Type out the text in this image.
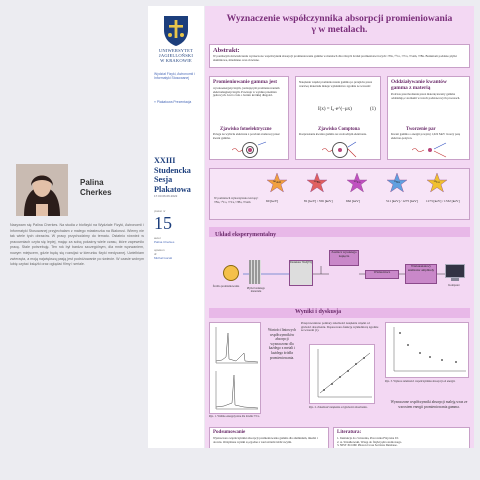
Palina
Cherkes
Nazywam się Palina Cherkes. Na studia z biofizyki na Wydziale Fizyki, Astronomii i Informatyki Stosowanej przyjechałam z małego miasteczka na Białorusi. Wiemy nie tak wiele tych obrazów. W pracy przychodzimy do tematu. Ostatnio również w pracowniach czyta się lepiej, mając za sobą pokaźny wiele czasu, które zapewniło pracę. Stale potrzebuję. Ten rok był bardzo szczególnym, dla mnie wyzwaniem, nowym miejscem, gdzie będę się rozwijać w kierunku fizyki medycznej. Uwielbiam zwierzęta, a moją największą pasją jest podróżowanie po świecie. W czasie wolnym lubię czytać książki oraz oglądać filmy i seriale.
UNIWERSYTET
JAGIELLOŃSKI
W KRAKOWIE
Wydział Fizyki, Astronomii i Informatyki Stosowanej
« Plakatowa Prezentacja
XXIII
Studencka
Sesja
Plakatowa
17.03.06.06.2022
plakat nr
15
autor
Palina Cherkes
opiekun
dr
Michał Gorski
Wyznaczenie współczynnika absorpcji promieniowania
γ w metalach.
Abstrakt:
W poniższym doświadczeniu wyznaczono współczynnik absorpcji promieniowania gamma w metalach dla różnych źródeł promieniotwórczych: ²²Na, ⁶⁰Co, ¹³⁷Cs, ²⁴¹Am, ¹³³Ba. Badaniom poddano płytki aluminiowe, miedziane oraz ołowiane.
Promieniowanie gamma jest
wysokoenergetycznym, jonizującym promieniowaniem elektromagnetycznym. Powstaje w wyniku przemian jądrowych. Jest to fala o bardzo krótkiej długości.
Zjawisko fotoelektryczne
Polega na wybiciu elektronu z powłoki atomowej przez kwant gamma.
Natężenie wiązki promieniowania gamma po przejściu przez warstwę materiału maleje wykładniczo zgodnie ze wzorem:
I(x) = I₀·e^(−μx)	(1)
Zjawisko Comptona
Rozpraszanie kwantu gamma na swobodnym elektronie.
Oddziaływanie kwantów gamma z materią
Podczas przechodzenia przez materię kwanty gamma oddziałują z atomami w trzech podstawowych procesach.
Tworzenie par
Kwant gamma o energii powyżej 1,022 MeV tworzy parę elektron-pozyton.
W pomiarach wykorzystano izotopy:
²²Na, ⁶⁰Co, ¹³⁷Cs, ¹³³Ba, ²⁴¹Am
²⁴¹Am
60 [keV]
¹³³Ba
81 [keV] / 356 [keV]
¹³⁷Cs
662 [keV]
²²Na
511 [keV] / 1275 [keV]
⁶⁰Co
1173 [keV] / 1332 [keV]
Układ eksperymentalny
Detektor NaI(Tl)
Zasilacz wysokiego napięcia
Wzmacniacz
Wielokanałowy analizator amplitudy
Źródło promieniowania
Płytki badanego materiału
Komputer
Wyniki i dyskusja
Rys. 1. Widmo energetyczne dla źródła ¹³⁷Cs.
Wartości liniowych współczynników absorpcji wyznaczono dla każdego z metali i każdego źródła promieniowania.
Przeprowadzono pomiary zależności natężenia wiązki od grubości absorbentu. Dopasowano funkcję wykładniczą zgodnie ze wzorem (1).
Rys. 2. Zależność natężenia od grubości absorbentu.
Rys. 3. Wykres zależności współczynnika absorpcji od energii.
Wyznaczone współczynniki absorpcji maleją wraz ze wzrostem energii promieniowania gamma.
Podsumowanie
Wyznaczono współczynniki absorpcji promieniowania gamma dla aluminium, miedzi i ołowiu. Otrzymane wyniki są zgodne z wartościami tablicowymi.
Literatura:
1. Instrukcja do ćwiczenia, Pracownia Fizyczna UJ.
2. A. Strzałkowski, Wstęp do fizyki jądra atomowego.
3. NIST XCOM: Photon Cross Sections Database.
